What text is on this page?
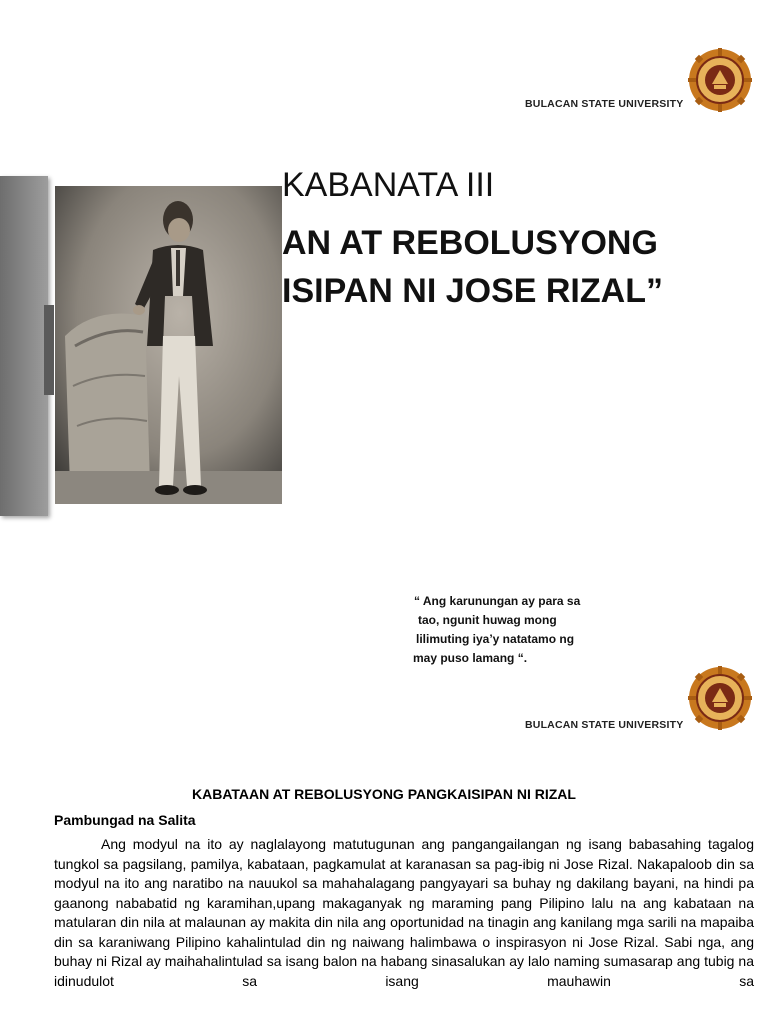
BULACAN STATE UNIVERSITY
KABANATA III
AN AT REBOLUSYONG
ISIPAN NI JOSE RIZAL”
“ Ang karunungan ay para sa
tao, ngunit huwag mong
lilimuting iya’y natatamo ng
may puso lamang “.
BULACAN STATE UNIVERSITY
KABATAAN AT REBOLUSYONG PANGKAISIPAN NI RIZAL
Pambungad na Salita

Ang modyul na ito ay naglalayong matutugunan ang pangangailangan ng isang babasahing tagalog tungkol sa pagsilang, pamilya, kabataan, pagkamulat at karanasan sa pag-ibig ni Jose Rizal. Nakapaloob din sa modyul na ito ang naratibo na nauukol sa mahahalagang pangyayari sa buhay ng dakilang bayani, na hindi pa gaanong nababatid ng karamihan,upang makaganyak ng maraming pang Pilipino lalu na ang kabataan na matularan din nila at malaunan ay makita din nila ang oportunidad na tinagin ang kanilang mga sarili na mapaiba din sa karaniwang Pilipino kahalintulad din ng naiwang halimbawa o inspirasyon ni Jose Rizal. Sabi nga, ang buhay ni Rizal ay maihahalintulad sa isang balon na habang sinasalukan ay lalo naming sumasarap ang tubig na idinudulot sa isang mauhawin sa
